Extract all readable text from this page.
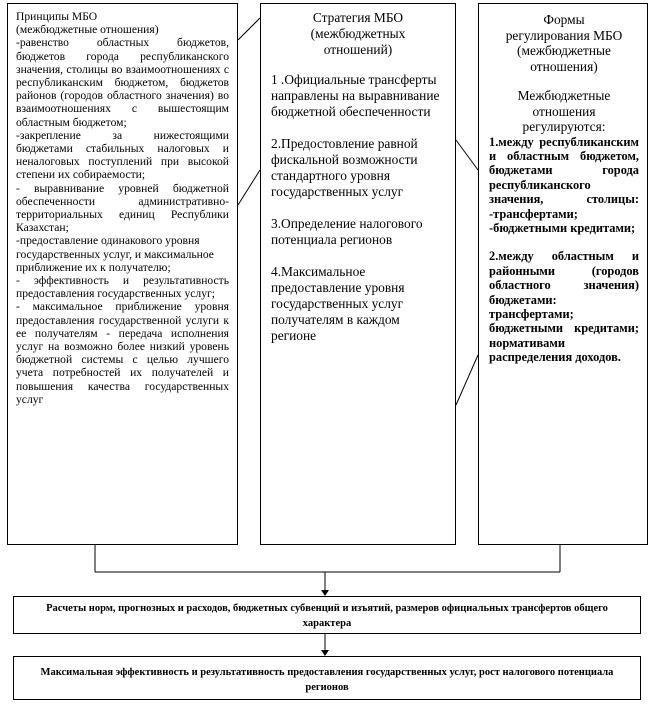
Принципы МБО

(межбюджетные отношения)

-равенство областных бюджетов, бюджетов города республиканского значения, столицы во взаимоотношениях с республиканским бюджетом, бюджетов районов (городов областного значения) во взаимоотношениях с вышестоящим областным бюджетом;

-закрепление за нижестоящими бюджетами стабильных налоговых и неналоговых поступлений при высокой степени их собираемости;

- выравнивание уровней бюджетной обеспеченности административно-территориальных единиц Республики Казахстан;

-предоставление одинакового уровня государственных услуг, и максимальное приближение их к получателю;

- эффективность и результативность предоставления государственных услуг;

- максимальное приближение уровня предоставления государственной услуги к ее получателям - передача исполнения услуг на возможно более низкий уровень бюджетной системы с целью лучшего учета потребностей их получателей и повышения качества государственных услуг

Стратегия МБО

(межбюджетных

отношений)

1 .Официальные трансферты направлены на выравнивание бюджетной обеспеченности

2.Предостовление равной фискальной возможности стандартного уровня государственных услуг

3.Определение налогового потенциала регионов

4.Максимальное предоставление уровня государственных услуг получателям в каждом регионе

Формы

регулирования МБО

(межбюджетные

отношения)

Межбюджетные

отношения

регулируются:

1.между республиканским и областным бюджетом, бюджетами города республиканского значения, столицы: -трансфертами; -бюджетными кредитами;

2.между областным и районными (городов областного значения) бюджетами: трансфертами; бюджетными кредитами; нормативами распределения доходов.

Расчеты норм, прогнозных и расходов, бюджетных субвенций и изъятий, размеров официальных трансфертов общего характера
Максимальная эффективность и результативность предоставления государственных услуг, рост налогового потенциала регионов
